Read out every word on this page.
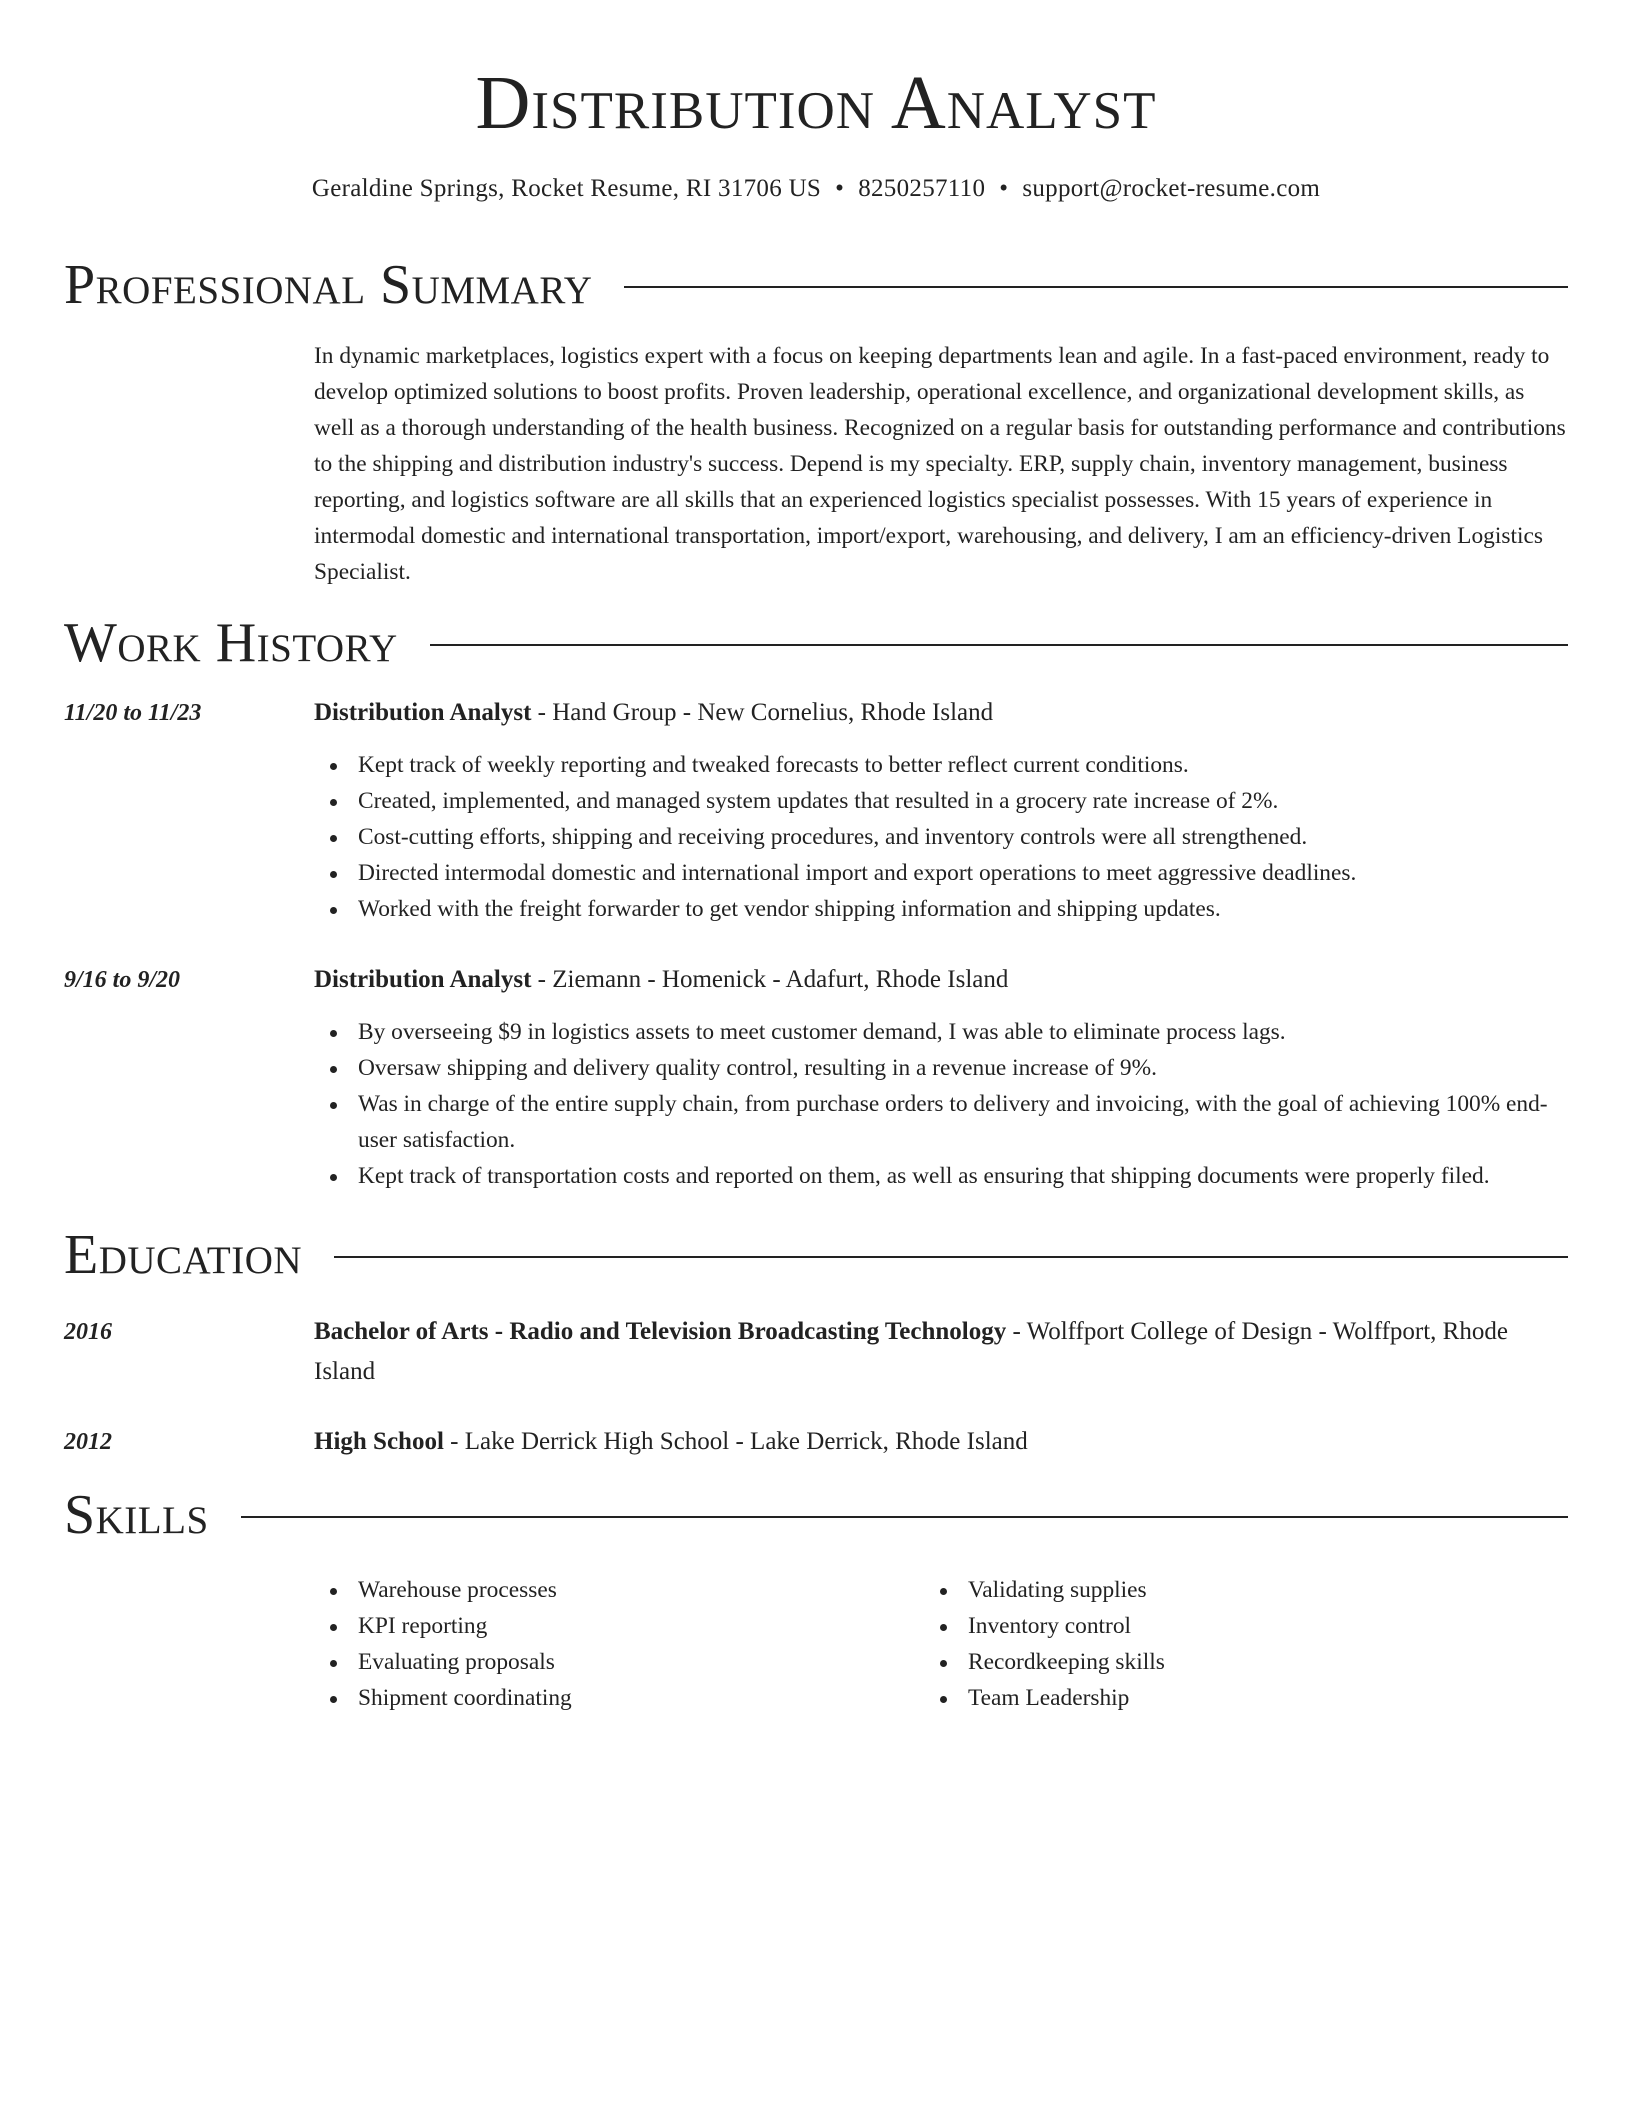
Distribution Analyst
Geraldine Springs, Rocket Resume, RI 31706 US • 8250257110 • support@rocket-resume.com
Professional Summary

In dynamic marketplaces, logistics expert with a focus on keeping departments lean and agile. In a fast-paced environment, ready to develop optimized solutions to boost profits. Proven leadership, operational excellence, and organizational development skills, as well as a thorough understanding of the health business. Recognized on a regular basis for outstanding performance and contributions to the shipping and distribution industry's success. Depend is my specialty. ERP, supply chain, inventory management, business reporting, and logistics software are all skills that an experienced logistics specialist possesses. With 15 years of experience in intermodal domestic and international transportation, import/export, warehousing, and delivery, I am an efficiency-driven Logistics Specialist.

Work History
11/20 to 11/23	Distribution Analyst - Hand Group - New Cornelius, Rhode Island
Kept track of weekly reporting and tweaked forecasts to better reflect current conditions.
Created, implemented, and managed system updates that resulted in a grocery rate increase of 2%.
Cost-cutting efforts, shipping and receiving procedures, and inventory controls were all strengthened.
Directed intermodal domestic and international import and export operations to meet aggressive deadlines.
Worked with the freight forwarder to get vendor shipping information and shipping updates.
9/16 to 9/20	Distribution Analyst - Ziemann - Homenick - Adafurt, Rhode Island
By overseeing $9 in logistics assets to meet customer demand, I was able to eliminate process lags.
Oversaw shipping and delivery quality control, resulting in a revenue increase of 9%.
Was in charge of the entire supply chain, from purchase orders to delivery and invoicing, with the goal of achieving 100% end-user satisfaction.
Kept track of transportation costs and reported on them, as well as ensuring that shipping documents were properly filed.
Education
2016	Bachelor of Arts - Radio and Television Broadcasting Technology - Wolffport College of Design - Wolffport, Rhode Island
2012	High School - Lake Derrick High School - Lake Derrick, Rhode Island
Skills
Warehouse processes
KPI reporting
Evaluating proposals
Shipment coordinating
Validating supplies
Inventory control
Recordkeeping skills
Team Leadership
